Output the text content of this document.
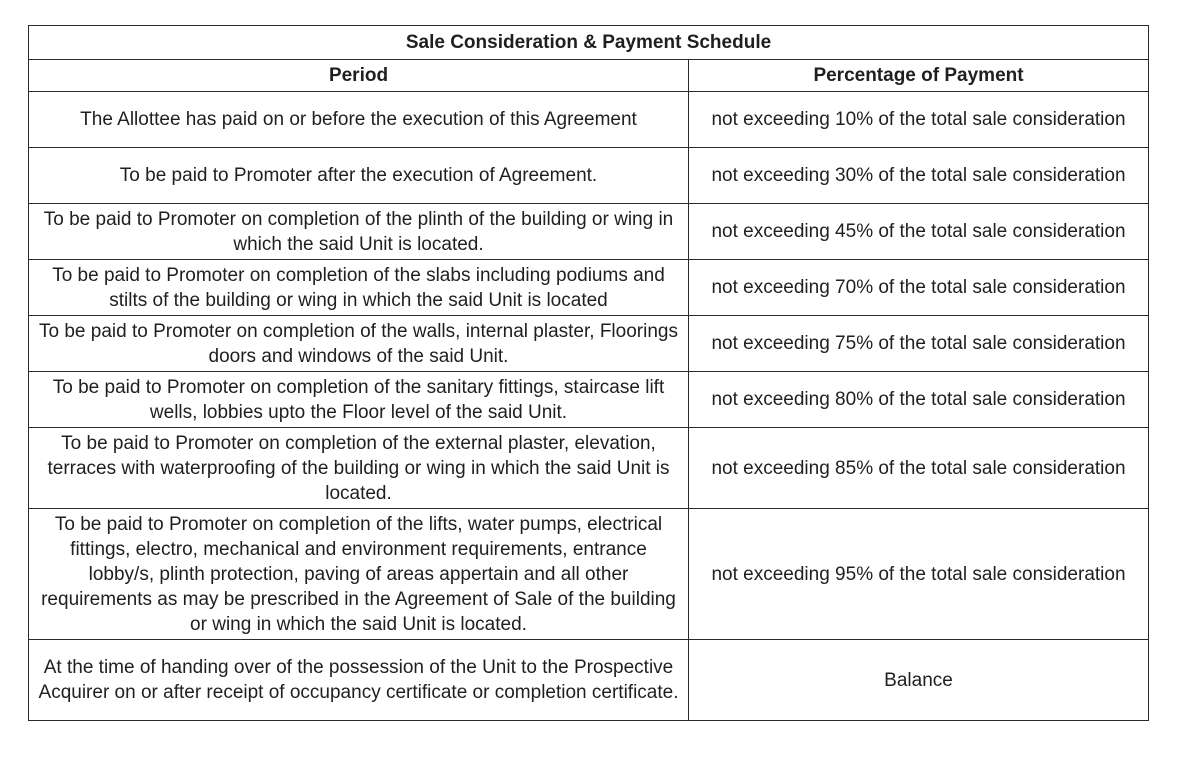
Sale Consideration & Payment Schedule	
Period	Percentage of Payment
The Allottee has paid on or before the execution of this Agreement	not exceeding 10% of the total sale consideration
To be paid to Promoter after the execution of Agreement.	not exceeding 30% of the total sale consideration
To be paid to Promoter on completion of the plinth of the building or wing in which the said Unit is located.	not exceeding 45% of the total sale consideration
To be paid to Promoter on completion of the slabs including podiums and stilts of the building or wing in which the said Unit is located	not exceeding 70% of the total sale consideration
To be paid to Promoter on completion of the walls, internal plaster, Floorings doors and windows of the said Unit.	not exceeding 75% of the total sale consideration
To be paid to Promoter on completion of the sanitary fittings, staircase lift wells, lobbies upto the Floor level of the said Unit.	not exceeding 80% of the total sale consideration
To be paid to Promoter on completion of the external plaster, elevation, terraces with waterproofing of the building or wing in which the said Unit is located.	not exceeding 85% of the total sale consideration
To be paid to Promoter on completion of the lifts, water pumps, electrical fittings, electro, mechanical and environment requirements, entrance lobby/s, plinth protection, paving of areas appertain and all other requirements as may be prescribed in the Agreement of Sale of the building or wing in which the said Unit is located.	not exceeding 95% of the total sale consideration
At the time of handing over of the possession of the Unit to the Prospective Acquirer on or after receipt of occupancy certificate or completion certificate.	Balance
